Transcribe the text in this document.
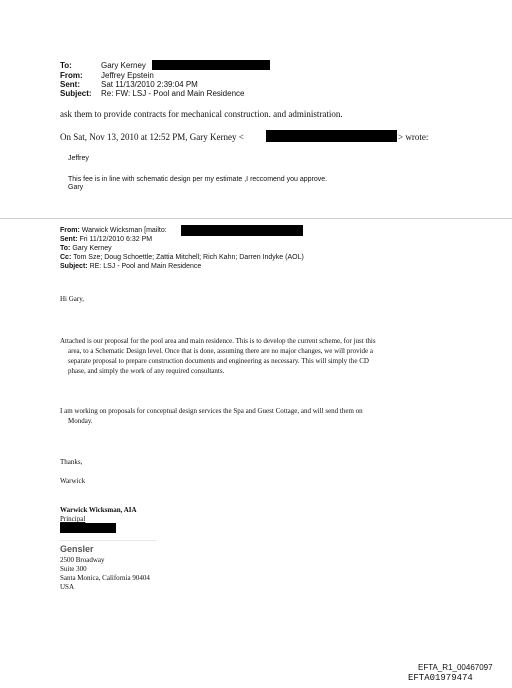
To:	Gary Kerney
From: Jeffrey Epstein
Sent:	Sat 11/13/2010 2:39:04 PM
Subject: Re: FW: LSJ - Pool and Main Residence
ask them to provide contracts for mechanical construction. and administration.
On Sat, Nov 13, 2010 at 12:52 PM, Gary Kerney <	> wrote:
Jeffrey
This fee is in line with schematic design per my estimate ,I reccomend you approve.
Gary
From: Warwick Wicksman [mailto:
Sent: Fri 11/12/2010 6:32 PM
To: Gary Kerney
Cc: Tom Sze; Doug Schoettle; Zattia Mitchell; Rich Kahn; Darren Indyke (AOL)
Subject: RE: LSJ - Pool and Main Residence
Hi Gary,
Attached is our proposal for the pool area and main residence. This is to develop the current scheme, for just this
area, to a Schematic Design level. Once that is done, assuming there are no major changes, we will provide a
separate proposal to prepare construction documents and engineering as necessary. This will simply the CD
phase, and simply the work of any required consultants.
I am working on proposals for conceptual design services the Spa and Guest Cottage, and will send them on
Monday.
Thanks,
Warwick
Warwick Wicksman, AIA
Principal
Gensler
2500 Broadway
Suite 300
Santa Monica, California 90404
USA
EFTA_R1_00467097
EFTA01979474
